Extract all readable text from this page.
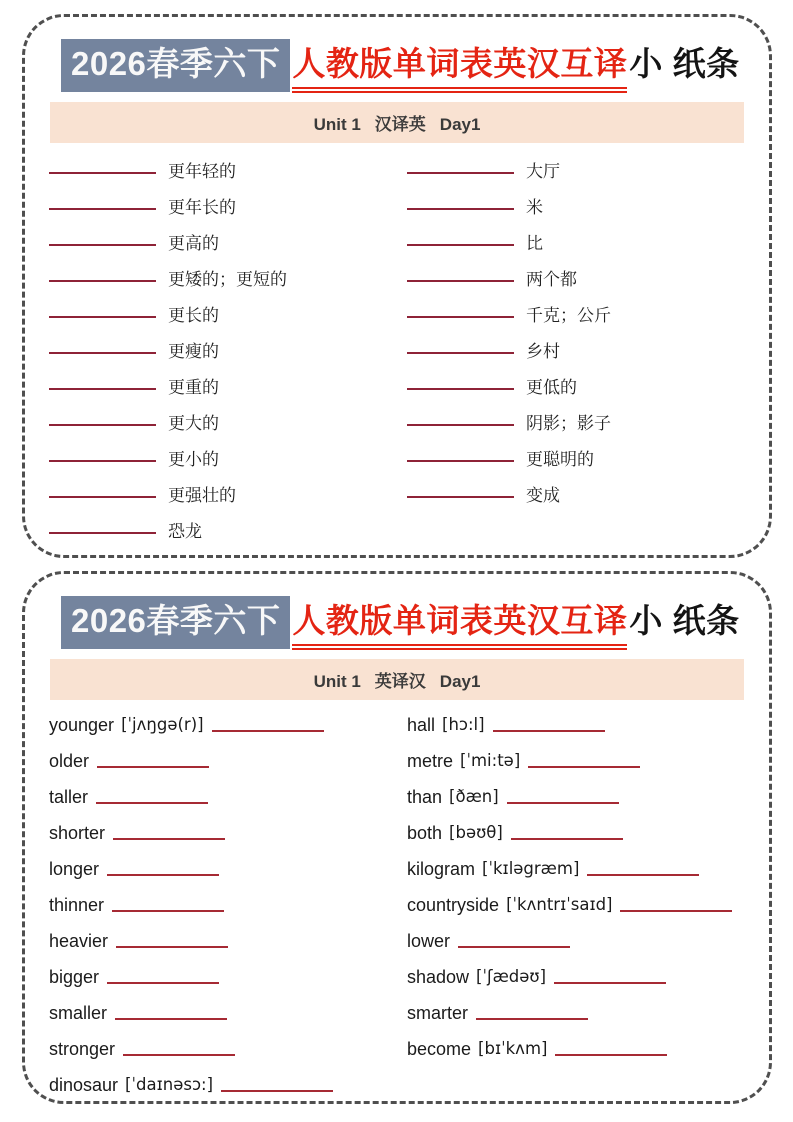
2026春季六下 人教版单词表英汉互译小 纸条
Unit 1 汉译英 Day1
更年轻的
更年长的
更高的
更矮的；更短的
更长的
更瘦的
更重的
更大的
更小的
更强壮的
恐龙
大厅
米
比
两个都
千克；公斤
乡村
更低的
阴影；影子
更聪明的
变成
2026春季六下 人教版单词表英汉互译小 纸条
Unit 1 英译汉 Day1
younger [ˈjʌŋgə(r)]
older
taller
shorter
longer
thinner
heavier
bigger
smaller
stronger
dinosaur [ˈdaɪnəsɔ:]
hall [hɔ:l]
metre [ˈmi:tə]
than [ðæn]
both [bəʊθ]
kilogram [ˈkɪləgræm]
countryside [ˈkʌntrɪˈsaɪd]
lower
shadow [ˈʃædəʊ]
smarter
become [bɪˈkʌm]
